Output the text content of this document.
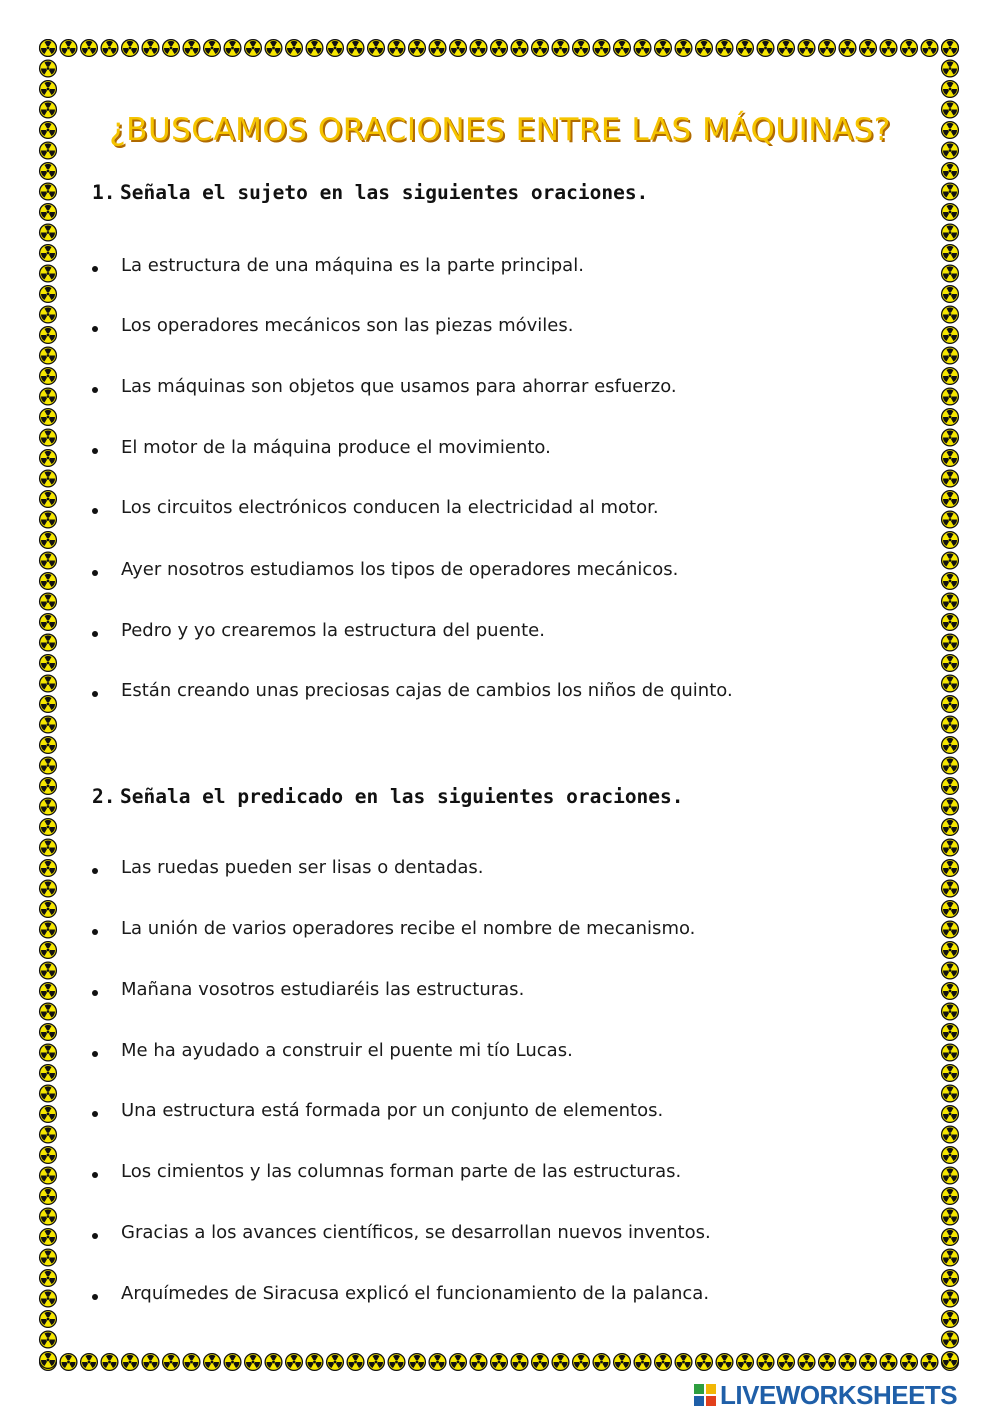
¿BUSCAMOS ORACIONES ENTRE LAS MÁQUINAS?
1. Señala el sujeto en las siguientes oraciones.
La estructura de una máquina es la parte principal.
Los operadores mecánicos son las piezas móviles.
Las máquinas son objetos que usamos para ahorrar esfuerzo.
El motor de la máquina produce el movimiento.
Los circuitos electrónicos conducen la electricidad al motor.
Ayer nosotros estudiamos los tipos de operadores mecánicos.
Pedro y yo crearemos la estructura del puente.
Están creando unas preciosas cajas de cambios los niños de quinto.
2. Señala el predicado en las siguientes oraciones.
Las ruedas pueden ser lisas o dentadas.
La unión de varios operadores recibe el nombre de mecanismo.
Mañana vosotros estudiaréis las estructuras.
Me ha ayudado a construir el puente mi tío Lucas.
Una estructura está formada por un conjunto de elementos.
Los cimientos y las columnas forman parte de las estructuras.
Gracias a los avances científicos, se desarrollan nuevos inventos.
Arquímedes de Siracusa explicó el funcionamiento de la palanca.
LIVEWORKSHEETS
